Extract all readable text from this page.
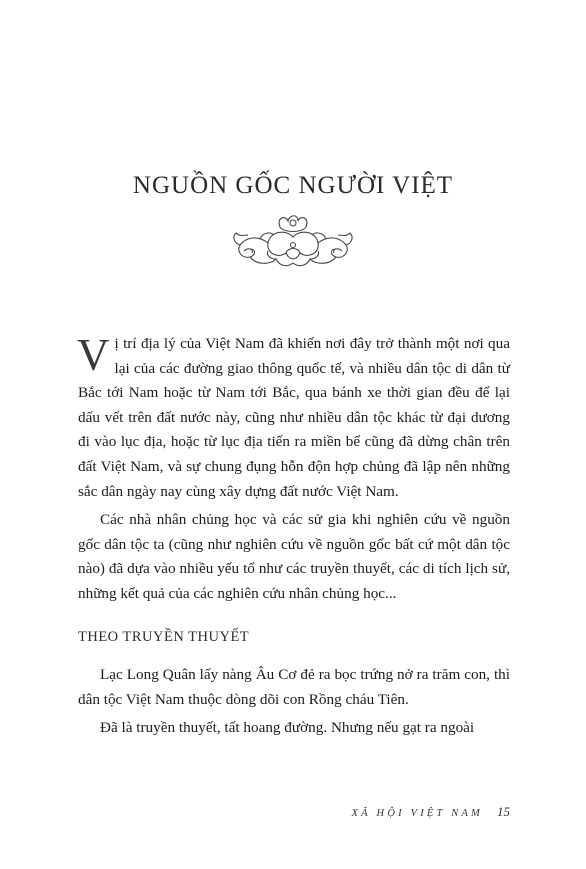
NGUỒN GỐC NGƯỜI VIỆT

Vị trí địa lý của Việt Nam đã khiến nơi đây trở thành một nơi qua lại của các đường giao thông quốc tế, và nhiều dân tộc di dân từ Bắc tới Nam hoặc từ Nam tới Bắc, qua bánh xe thời gian đều để lại dấu vết trên đất nước này, cũng như nhiều dân tộc khác từ đại dương đi vào lục địa, hoặc từ lục địa tiến ra miền bể cũng đã dừng chân trên đất Việt Nam, và sự chung đụng hỗn độn hợp chủng đã lập nên những sắc dân ngày nay cùng xây dựng đất nước Việt Nam.

Các nhà nhân chủng học và các sử gia khi nghiên cứu về nguồn gốc dân tộc ta (cũng như nghiên cứu về nguồn gốc bất cứ một dân tộc nào) đã dựa vào nhiều yếu tố như các truyền thuyết, các di tích lịch sử, những kết quả của các nghiên cứu nhân chủng học...

THEO TRUYỀN THUYẾT

Lạc Long Quân lấy nàng Âu Cơ đẻ ra bọc trứng nở ra trăm con, thì dân tộc Việt Nam thuộc dòng dõi con Rồng cháu Tiên.

Đã là truyền thuyết, tất hoang đường. Nhưng nếu gạt ra ngoài

XÃ HỘI VIỆT NAM 15
